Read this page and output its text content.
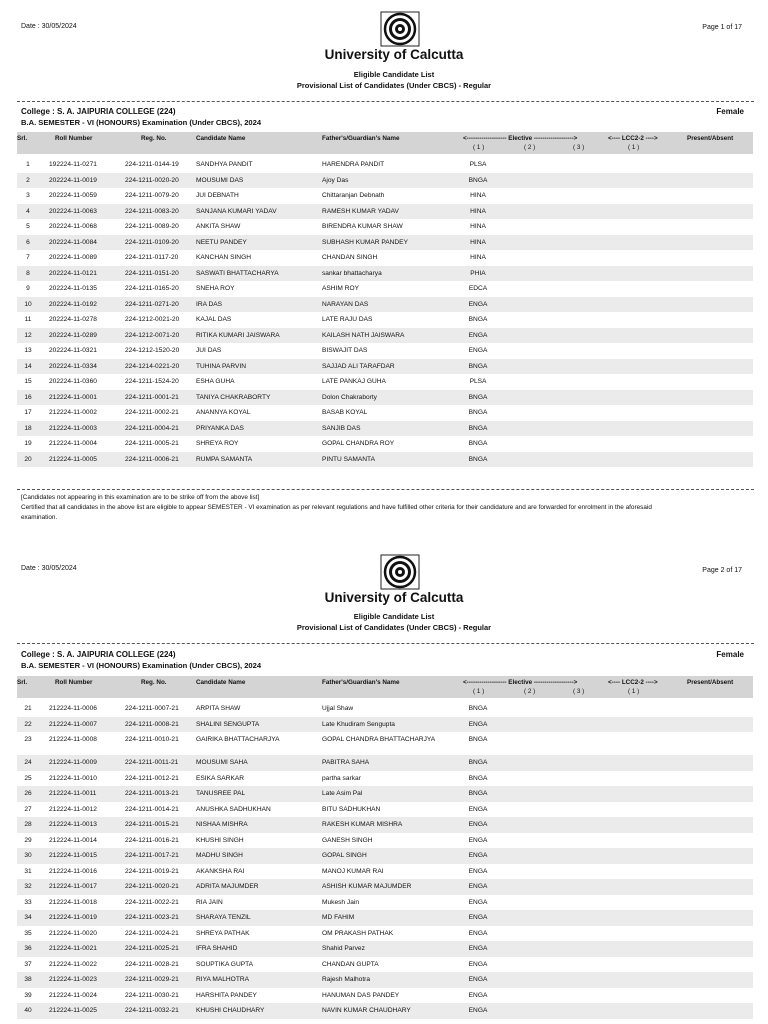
Date : 30/05/2024	Page 1 of 17
University of Calcutta
Eligible Candidate List
Provisional List of Candidates (Under CBCS) - Regular
College : S. A. JAIPURIA COLLEGE (224)	Female
B.A. SEMESTER - VI (HONOURS) Examination (Under CBCS), 2024
Srl.	Roll Number	Reg. No.	Candidate Name	Father's/Guardian's Name	<------------------- Elective ------------------->	<---- LCC2-2 ---->	Present/Absent
( 1 )	( 2 )	( 3 )	( 1 )
1	192224-11-0271	224-1211-0144-19	SANDHYA PANDIT	HARENDRA PANDIT	PLSA
2	202224-11-0019	224-1211-0020-20	MOUSUMI DAS	Ajoy Das	BNGA
3	202224-11-0059	224-1211-0079-20	JUI DEBNATH	Chittaranjan Debnath	HINA
4	202224-11-0063	224-1211-0083-20	SANJANA KUMARI YADAV	RAMESH KUMAR YADAV	HINA
5	202224-11-0068	224-1211-0089-20	ANKITA SHAW	BIRENDRA KUMAR SHAW	HINA
6	202224-11-0084	224-1211-0109-20	NEETU PANDEY	SUBHASH KUMAR PANDEY	HINA
7	202224-11-0089	224-1211-0117-20	KANCHAN SINGH	CHANDAN SINGH	HINA
8	202224-11-0121	224-1211-0151-20	SASWATI BHATTACHARYA	sankar bhattacharya	PHIA
9	202224-11-0135	224-1211-0165-20	SNEHA ROY	ASHIM ROY	EDCA
10	202224-11-0192	224-1211-0271-20	IRA DAS	NARAYAN DAS	ENGA
11	202224-11-0278	224-1212-0021-20	KAJAL DAS	LATE RAJU DAS	BNGA
12	202224-11-0289	224-1212-0071-20	RITIKA KUMARI JAISWARA	KAILASH NATH JAISWARA	ENGA
13	202224-11-0321	224-1212-1520-20	JUI DAS	BISWAJIT DAS	ENGA
14	202224-11-0334	224-1214-0221-20	TUHINA PARVIN	SAJJAD ALI TARAFDAR	BNGA
15	202224-11-0360	224-1211-1524-20	ESHA GUHA	LATE PANKAJ GUHA	PLSA
16	212224-11-0001	224-1211-0001-21	TANIYA CHAKRABORTY	Dolon Chakraborty	BNGA
17	212224-11-0002	224-1211-0002-21	ANANNYA KOYAL	BASAB KOYAL	BNGA
18	212224-11-0003	224-1211-0004-21	PRIYANKA DAS	SANJIB DAS	BNGA
19	212224-11-0004	224-1211-0005-21	SHREYA ROY	GOPAL CHANDRA ROY	BNGA
20	212224-11-0005	224-1211-0006-21	RUMPA SAMANTA	PINTU SAMANTA	BNGA
[Candidates not appearing in this examination are to be strike off from the above list]
Certified that all candidates in the above list are eligible to appear SEMESTER - VI examination as per relevant regulations and have fulfilled other criteria for their candidature and are forwarded for enrolment in the aforesaid examination.
Date : 30/05/2024	Page 2 of 17
University of Calcutta
Eligible Candidate List
Provisional List of Candidates (Under CBCS) - Regular
College : S. A. JAIPURIA COLLEGE (224)	Female
B.A. SEMESTER - VI (HONOURS) Examination (Under CBCS), 2024
Srl.	Roll Number	Reg. No.	Candidate Name	Father's/Guardian's Name	<------------------- Elective ------------------->	<---- LCC2-2 ---->	Present/Absent
( 1 )	( 2 )	( 3 )	( 1 )
21	212224-11-0006	224-1211-0007-21	ARPITA SHAW	Ujjal Shaw	BNGA
22	212224-11-0007	224-1211-0008-21	SHALINI SENGUPTA	Late Khudiram Sengupta	ENGA
23	212224-11-0008	224-1211-0010-21	GAIRIKA BHATTACHARJYA	GOPAL CHANDRA BHATTACHARJYA	BNGA
24	212224-11-0009	224-1211-0011-21	MOUSUMI SAHA	PABITRA SAHA	BNGA
25	212224-11-0010	224-1211-0012-21	ESIKA SARKAR	partha sarkar	BNGA
26	212224-11-0011	224-1211-0013-21	TANUSREE PAL	Late Asim Pal	BNGA
27	212224-11-0012	224-1211-0014-21	ANUSHKA SADHUKHAN	BITU SADHUKHAN	ENGA
28	212224-11-0013	224-1211-0015-21	NISHAA MISHRA	RAKESH KUMAR MISHRA	ENGA
29	212224-11-0014	224-1211-0016-21	KHUSHI SINGH	GANESH SINGH	ENGA
30	212224-11-0015	224-1211-0017-21	MADHU SINGH	GOPAL SINGH	ENGA
31	212224-11-0016	224-1211-0019-21	AKANKSHA RAI	MANOJ KUMAR RAI	ENGA
32	212224-11-0017	224-1211-0020-21	ADRITA MAJUMDER	ASHISH KUMAR MAJUMDER	ENGA
33	212224-11-0018	224-1211-0022-21	RIA JAIN	Mukesh Jain	ENGA
34	212224-11-0019	224-1211-0023-21	SHARAYA TENZIL	MD FAHIM	ENGA
35	212224-11-0020	224-1211-0024-21	SHREYA PATHAK	OM PRAKASH PATHAK	ENGA
36	212224-11-0021	224-1211-0025-21	IFRA SHAHID	Shahid Parvez	ENGA
37	212224-11-0022	224-1211-0028-21	SOUPTIKA GUPTA	CHANDAN GUPTA	ENGA
38	212224-11-0023	224-1211-0029-21	RIYA MALHOTRA	Rajesh Malhotra	ENGA
39	212224-11-0024	224-1211-0030-21	HARSHITA PANDEY	HANUMAN DAS PANDEY	ENGA
40	212224-11-0025	224-1211-0032-21	KHUSHI CHAUDHARY	NAVIN KUMAR CHAUDHARY	ENGA
